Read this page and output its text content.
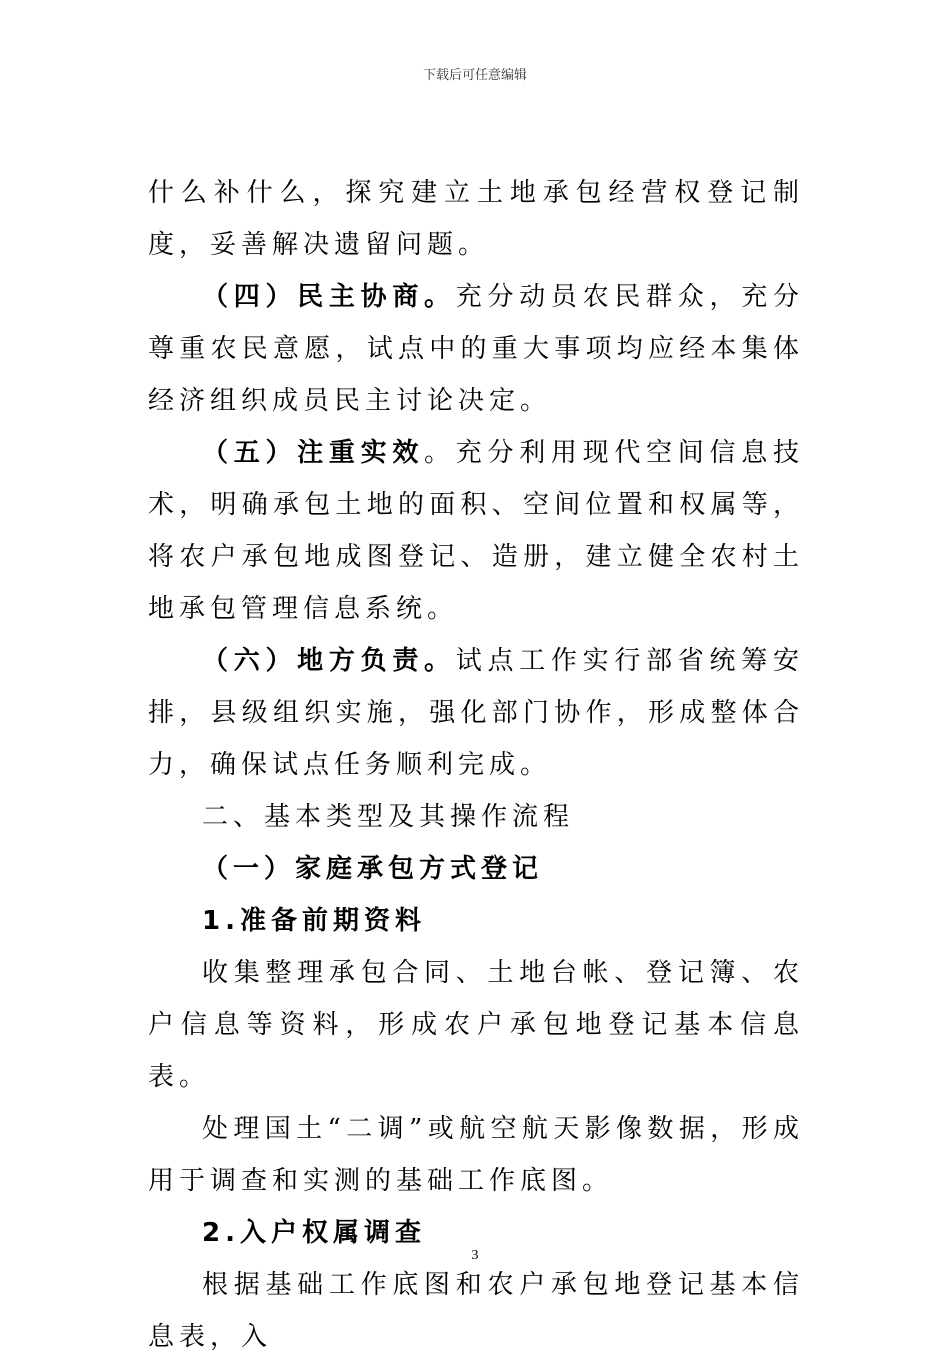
下载后可任意编辑

什么补什么，探究建立土地承包经营权登记制度，妥善解决遗留问题。

（四）民主协商。充分动员农民群众，充分尊重农民意愿，试点中的重大事项均应经本集体经济组织成员民主讨论决定。

（五）注重实效。充分利用现代空间信息技术，明确承包土地的面积、空间位置和权属等，将农户承包地成图登记、造册，建立健全农村土地承包管理信息系统。

（六）地方负责。试点工作实行部省统筹安排，县级组织实施，强化部门协作，形成整体合力，确保试点任务顺利完成。

二、基本类型及其操作流程

（一）家庭承包方式登记

1.准备前期资料

收集整理承包合同、土地台帐、登记簿、农户信息等资料，形成农户承包地登记基本信息表。

处理国土“二调”或航空航天影像数据，形成用于调查和实测的基础工作底图。

2.入户权属调查

根据基础工作底图和农户承包地登记基本信息表，入

3
